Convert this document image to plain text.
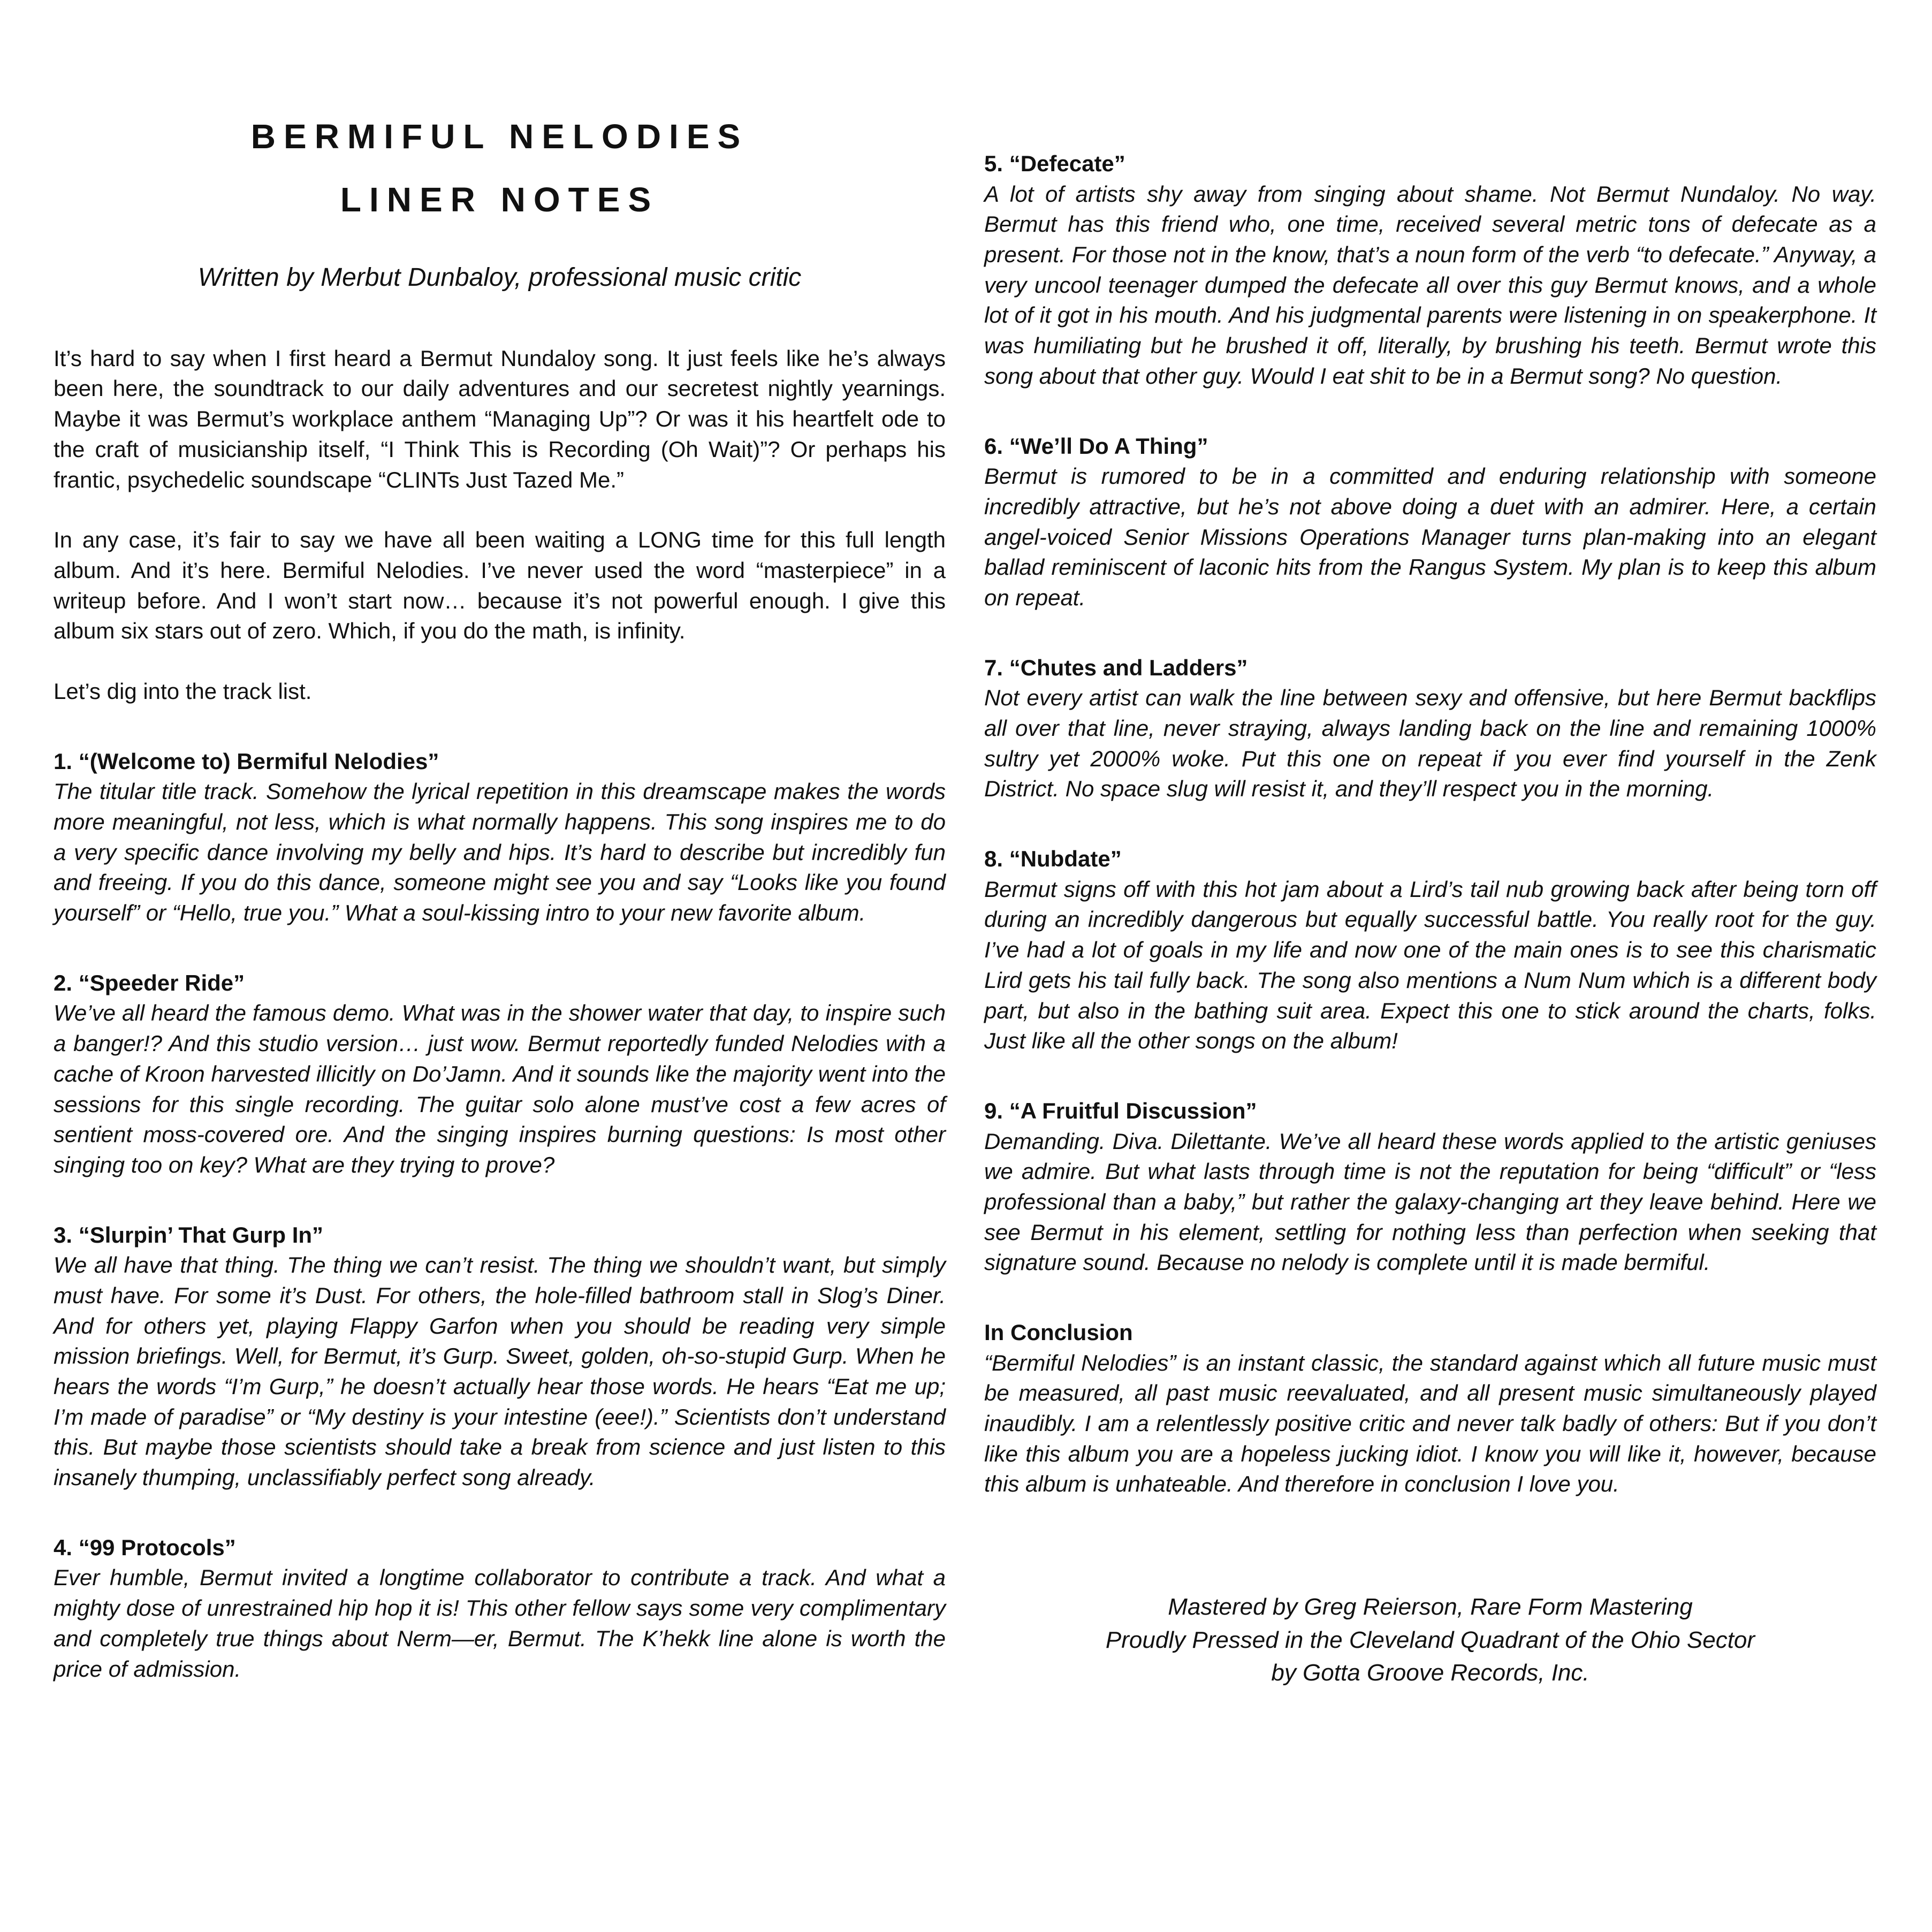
BERMIFUL NELODIES
LINER NOTES
Written by Merbut Dunbaloy, professional music critic

It’s hard to say when I first heard a Bermut Nundaloy song. It just feels like he’s always been here, the soundtrack to our daily adventures and our secretest nightly yearnings. Maybe it was Bermut’s workplace anthem “Managing Up”? Or was it his heartfelt ode to the craft of musicianship itself, “I Think This is Recording (Oh Wait)”? Or perhaps his frantic, psychedelic soundscape “CLINTs Just Tazed Me.”

In any case, it’s fair to say we have all been waiting a LONG time for this full length album. And it’s here. Bermiful Nelodies. I’ve never used the word “masterpiece” in a writeup before. And I won’t start now… because it’s not powerful enough. I give this album six stars out of zero. Which, if you do the math, is infinity.

Let’s dig into the track list.

1. “(Welcome to) Bermiful Nelodies”

The titular title track. Somehow the lyrical repetition in this dreamscape makes the words more meaningful, not less, which is what normally happens. This song inspires me to do a very specific dance involving my belly and hips. It’s hard to describe but incredibly fun and freeing. If you do this dance, someone might see you and say “Looks like you found yourself” or “Hello, true you.” What a soul-kissing intro to your new favorite album.

2. “Speeder Ride”

We’ve all heard the famous demo. What was in the shower water that day, to inspire such a banger!? And this studio version… just wow. Bermut reportedly funded Nelodies with a cache of Kroon harvested illicitly on Do’Jamn. And it sounds like the majority went into the sessions for this single recording. The guitar solo alone must’ve cost a few acres of sentient moss-covered ore. And the singing inspires burning questions: Is most other singing too on key? What are they trying to prove?

3. “Slurpin’ That Gurp In”

We all have that thing. The thing we can’t resist. The thing we shouldn’t want, but simply must have. For some it’s Dust. For others, the hole-filled bathroom stall in Slog’s Diner. And for others yet, playing Flappy Garfon when you should be reading very simple mission briefings. Well, for Bermut, it’s Gurp. Sweet, golden, oh-so-stupid Gurp. When he hears the words “I’m Gurp,” he doesn’t actually hear those words. He hears “Eat me up; I’m made of paradise” or “My destiny is your intestine (eee!).” Scientists don’t understand this. But maybe those scientists should take a break from science and just listen to this insanely thumping, unclassifiably perfect song already.

4. “99 Protocols”

Ever humble, Bermut invited a longtime collaborator to contribute a track. And what a mighty dose of unrestrained hip hop it is! This other fellow says some very complimentary and completely true things about Nerm—er, Bermut. The K’hekk line alone is worth the price of admission.

5. “Defecate”

A lot of artists shy away from singing about shame. Not Bermut Nundaloy. No way. Bermut has this friend who, one time, received several metric tons of defecate as a present. For those not in the know, that’s a noun form of the verb “to defecate.” Anyway, a very uncool teenager dumped the defecate all over this guy Bermut knows, and a whole lot of it got in his mouth. And his judgmental parents were listening in on speakerphone. It was humiliating but he brushed it off, literally, by brushing his teeth. Bermut wrote this song about that other guy. Would I eat shit to be in a Bermut song? No question.

6. “We’ll Do A Thing”

Bermut is rumored to be in a committed and enduring relationship with someone incredibly attractive, but he’s not above doing a duet with an admirer. Here, a certain angel-voiced Senior Missions Operations Manager turns plan-making into an elegant ballad reminiscent of laconic hits from the Rangus System. My plan is to keep this album on repeat.

7. “Chutes and Ladders”

Not every artist can walk the line between sexy and offensive, but here Bermut backflips all over that line, never straying, always landing back on the line and remaining 1000% sultry yet 2000% woke. Put this one on repeat if you ever find yourself in the Zenk District. No space slug will resist it, and they’ll respect you in the morning.

8. “Nubdate”

Bermut signs off with this hot jam about a Lird’s tail nub growing back after being torn off during an incredibly dangerous but equally successful battle. You really root for the guy. I’ve had a lot of goals in my life and now one of the main ones is to see this charismatic Lird gets his tail fully back. The song also mentions a Num Num which is a different body part, but also in the bathing suit area. Expect this one to stick around the charts, folks. Just like all the other songs on the album!

9. “A Fruitful Discussion”

Demanding. Diva. Dilettante. We’ve all heard these words applied to the artistic geniuses we admire. But what lasts through time is not the reputation for being “difficult” or “less professional than a baby,” but rather the galaxy-changing art they leave behind. Here we see Bermut in his element, settling for nothing less than perfection when seeking that signature sound. Because no nelody is complete until it is made bermiful.

In Conclusion

“Bermiful Nelodies” is an instant classic, the standard against which all future music must be measured, all past music reevaluated, and all present music simultaneously played inaudibly. I am a relentlessly positive critic and never talk badly of others: But if you don’t like this album you are a hopeless jucking idiot. I know you will like it, however, because this album is unhateable. And therefore in conclusion I love you.

Mastered by Greg Reierson, Rare Form Mastering
Proudly Pressed in the Cleveland Quadrant of the Ohio Sector
by Gotta Groove Records, Inc.
